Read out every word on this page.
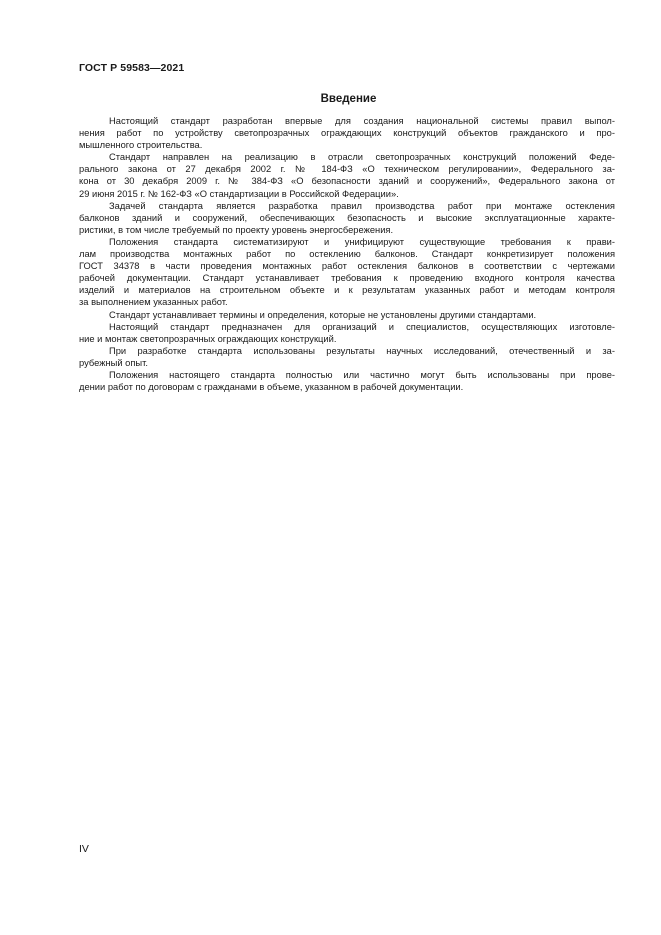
ГОСТ Р 59583—2021
Введение

Настоящий стандарт разработан впервые для создания национальной системы правил выпол-
нения работ по устройству светопрозрачных ограждающих конструкций объектов гражданского и про-
мышленного строительства.

Стандарт направлен на реализацию в отрасли светопрозрачных конструкций положений Феде-
рального закона от 27 декабря 2002 г. № 184-ФЗ «О техническом регулировании», Федерального за-
кона от 30 декабря 2009 г. № 384-ФЗ «О безопасности зданий и сооружений», Федерального закона от
29 июня 2015 г. № 162-ФЗ «О стандартизации в Российской Федерации».

Задачей стандарта является разработка правил производства работ при монтаже остекления
балконов зданий и сооружений, обеспечивающих безопасность и высокие эксплуатационные характе-
ристики, в том числе требуемый по проекту уровень энергосбережения.

Положения стандарта систематизируют и унифицируют существующие требования к прави-
лам производства монтажных работ по остеклению балконов. Стандарт конкретизирует положения
ГОСТ 34378 в части проведения монтажных работ остекления балконов в соответствии с чертежами
рабочей документации. Стандарт устанавливает требования к проведению входного контроля качества
изделий и материалов на строительном объекте и к результатам указанных работ и методам контроля
за выполнением указанных работ.

Стандарт устанавливает термины и определения, которые не установлены другими стандартами.

Настоящий стандарт предназначен для организаций и специалистов, осуществляющих изготовле-
ние и монтаж светопрозрачных ограждающих конструкций.

При разработке стандарта использованы результаты научных исследований, отечественный и за-
рубежный опыт.

Положения настоящего стандарта полностью или частично могут быть использованы при прове-
дении работ по договорам с гражданами в объеме, указанном в рабочей документации.

IV
